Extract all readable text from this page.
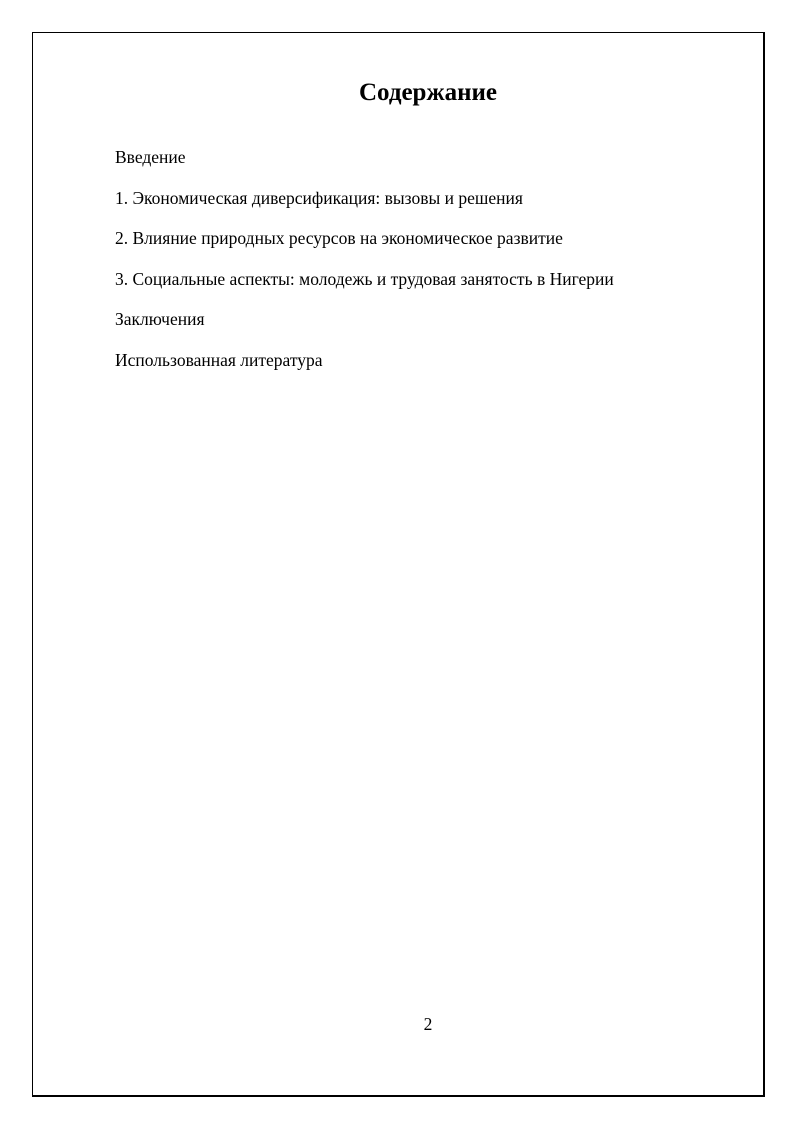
Содержание
Введение
1. Экономическая диверсификация: вызовы и решения
2. Влияние природных ресурсов на экономическое развитие
3. Социальные аспекты: молодежь и трудовая занятость в Нигерии
Заключения
Использованная литература
2
